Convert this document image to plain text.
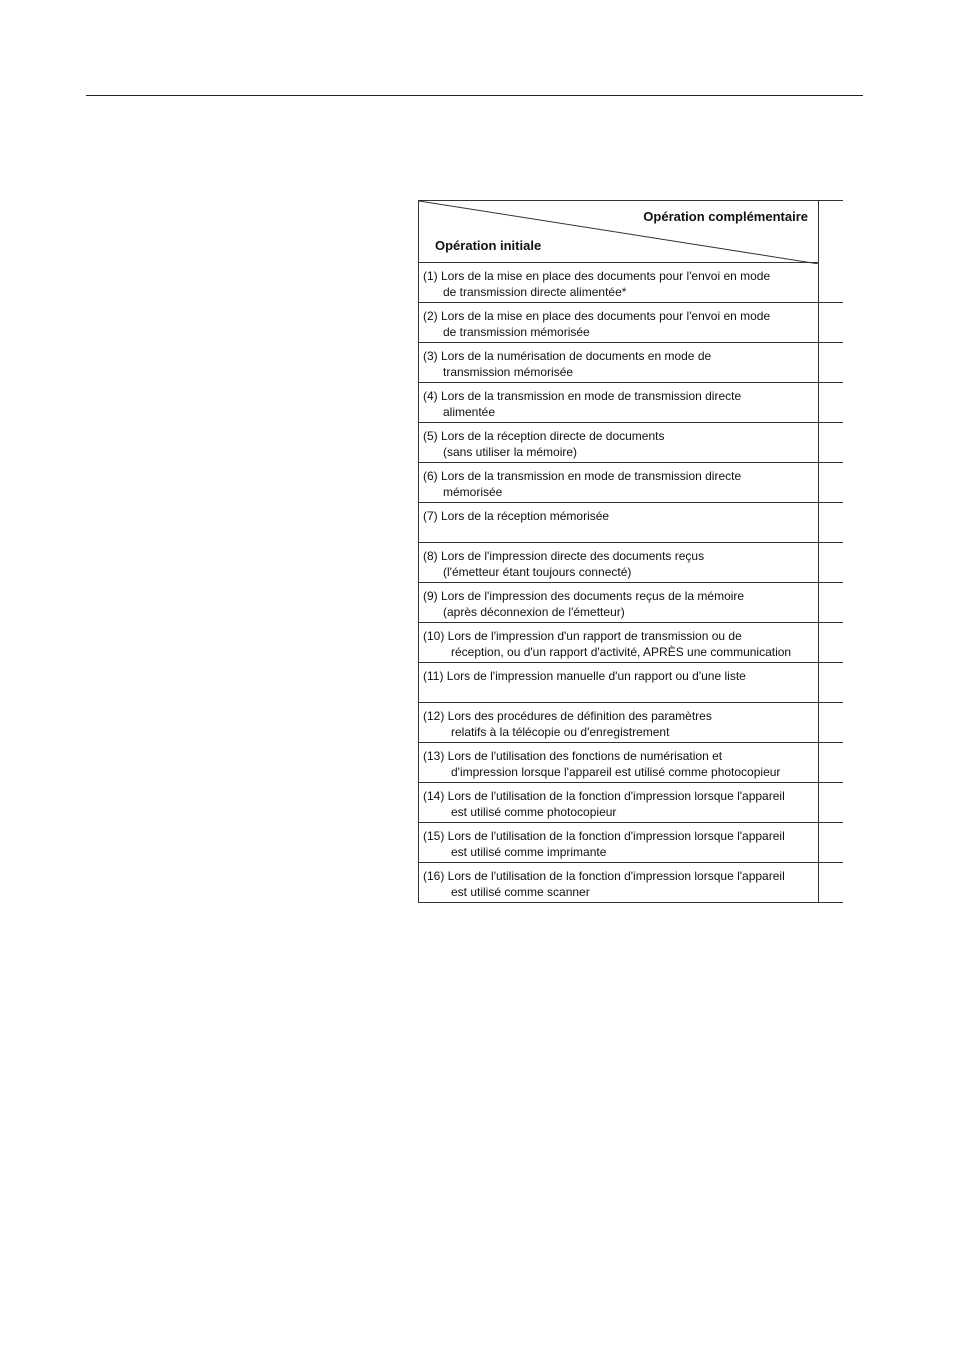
Opération complémentaire
Opération initiale
(1) Lors de la mise en place des documents pour l'envoi en mode
de transmission directe alimentée*
(2) Lors de la mise en place des documents pour l'envoi en mode
de transmission mémorisée
(3) Lors de la numérisation de documents en mode de
transmission mémorisée
(4) Lors de la transmission en mode de transmission directe
alimentée
(5) Lors de la réception directe de documents
(sans utiliser la mémoire)
(6) Lors de la transmission en mode de transmission directe
mémorisée
(7) Lors de la réception mémorisée
(8) Lors de l'impression directe des documents reçus
(l'émetteur étant toujours connecté)
(9) Lors de l'impression des documents reçus de la mémoire
(après déconnexion de l'émetteur)
(10) Lors de l'impression d'un rapport de transmission ou de
réception, ou d'un rapport d'activité, APRÈS une communication
(11) Lors de l'impression manuelle d'un rapport ou d'une liste
(12) Lors des procédures de définition des paramètres
relatifs à la télécopie ou d'enregistrement
(13) Lors de l'utilisation des fonctions de numérisation et
d'impression lorsque l'appareil est utilisé comme photocopieur
(14) Lors de l'utilisation de la fonction d'impression lorsque l'appareil
est utilisé comme photocopieur
(15) Lors de l'utilisation de la fonction d'impression lorsque l'appareil
est utilisé comme imprimante
(16) Lors de l'utilisation de la fonction d'impression lorsque l'appareil
est utilisé comme scanner
